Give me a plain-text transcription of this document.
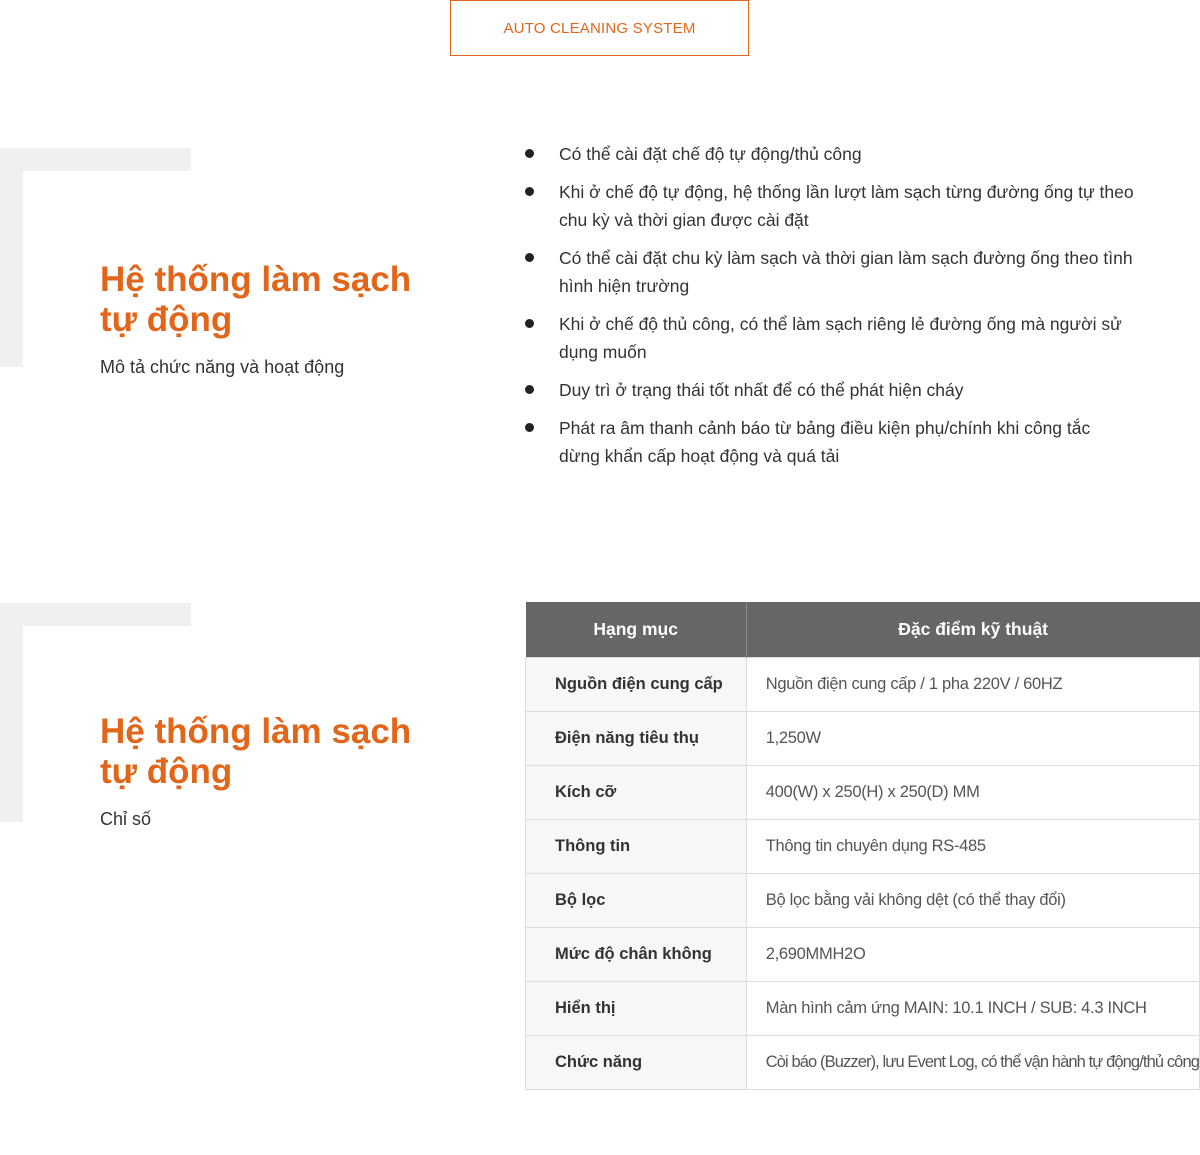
AUTO CLEANING SYSTEM
Hệ thống làm sạch tự động

Mô tả chức năng và hoạt động

Có thể cài đặt chế độ tự động/thủ công
Khi ở chế độ tự động, hệ thống lần lượt làm sạch từng đường ống tự theo chu kỳ và thời gian được cài đặt
Có thể cài đặt chu kỳ làm sạch và thời gian làm sạch đường ống theo tình hình hiện trường
Khi ở chế độ thủ công, có thể làm sạch riêng lẻ đường ống mà người sử dụng muốn
Duy trì ở trạng thái tốt nhất để có thể phát hiện cháy
Phát ra âm thanh cảnh báo từ bảng điều kiện phụ/chính khi công tắc dừng khẩn cấp hoạt động và quá tải
Hệ thống làm sạch tự động

Chỉ số

Hạng mục	Đặc điểm kỹ thuật
Nguồn điện cung cấp	Nguồn điện cung cấp / 1 pha 220V / 60HZ
Điện năng tiêu thụ	1,250W
Kích cỡ	400(W) x 250(H) x 250(D) MM
Thông tin	Thông tin chuyên dụng RS-485
Bộ lọc	Bộ lọc bằng vải không dệt (có thể thay đổi)
Mức độ chân không	2,690MMH2O
Hiển thị	Màn hình cảm ứng MAIN: 10.1 INCH / SUB: 4.3 INCH
Chức năng	Còi báo (Buzzer), lưu Event Log, có thể vận hành tự động/thủ công
